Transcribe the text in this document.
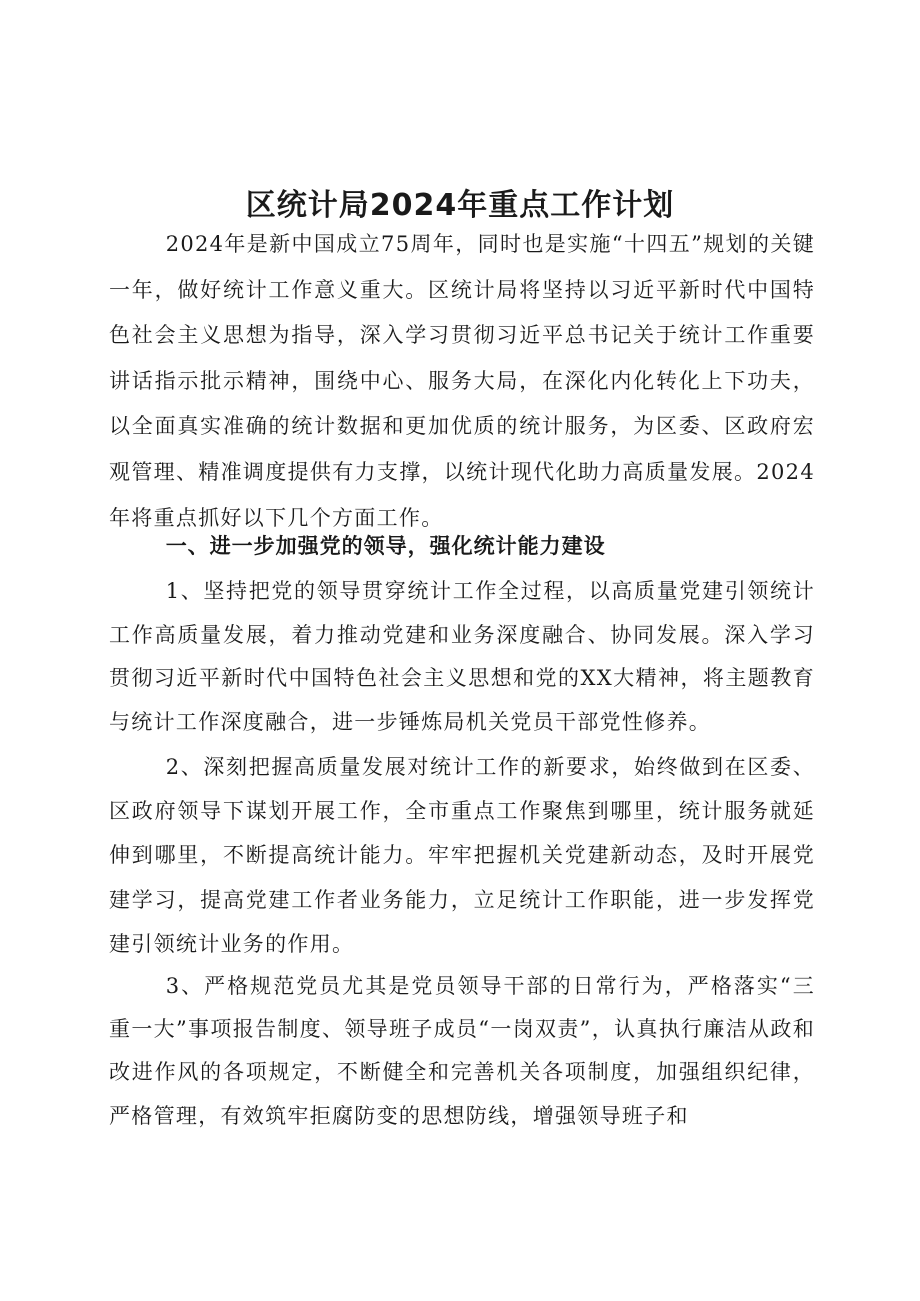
区统计局2024年重点工作计划

2024年是新中国成立75周年，同时也是实施“十四五”规划的关键一年，做好统计工作意义重大。区统计局将坚持以习近平新时代中国特色社会主义思想为指导，深入学习贯彻习近平总书记关于统计工作重要讲话指示批示精神，围绕中心、服务大局，在深化内化转化上下功夫，以全面真实准确的统计数据和更加优质的统计服务，为区委、区政府宏观管理、精准调度提供有力支撑，以统计现代化助力高质量发展。2024年将重点抓好以下几个方面工作。

一、进一步加强党的领导，强化统计能力建设

1、坚持把党的领导贯穿统计工作全过程，以高质量党建引领统计工作高质量发展，着力推动党建和业务深度融合、协同发展。深入学习贯彻习近平新时代中国特色社会主义思想和党的XX大精神，将主题教育与统计工作深度融合，进一步锤炼局机关党员干部党性修养。

2、深刻把握高质量发展对统计工作的新要求，始终做到在区委、区政府领导下谋划开展工作，全市重点工作聚焦到哪里，统计服务就延伸到哪里，不断提高统计能力。牢牢把握机关党建新动态，及时开展党建学习，提高党建工作者业务能力，立足统计工作职能，进一步发挥党建引领统计业务的作用。

3、严格规范党员尤其是党员领导干部的日常行为，严格落实“三重一大”事项报告制度、领导班子成员“一岗双责”，认真执行廉洁从政和改进作风的各项规定，不断健全和完善机关各项制度，加强组织纪律，严格管理，有效筑牢拒腐防变的思想防线，增强领导班子和
